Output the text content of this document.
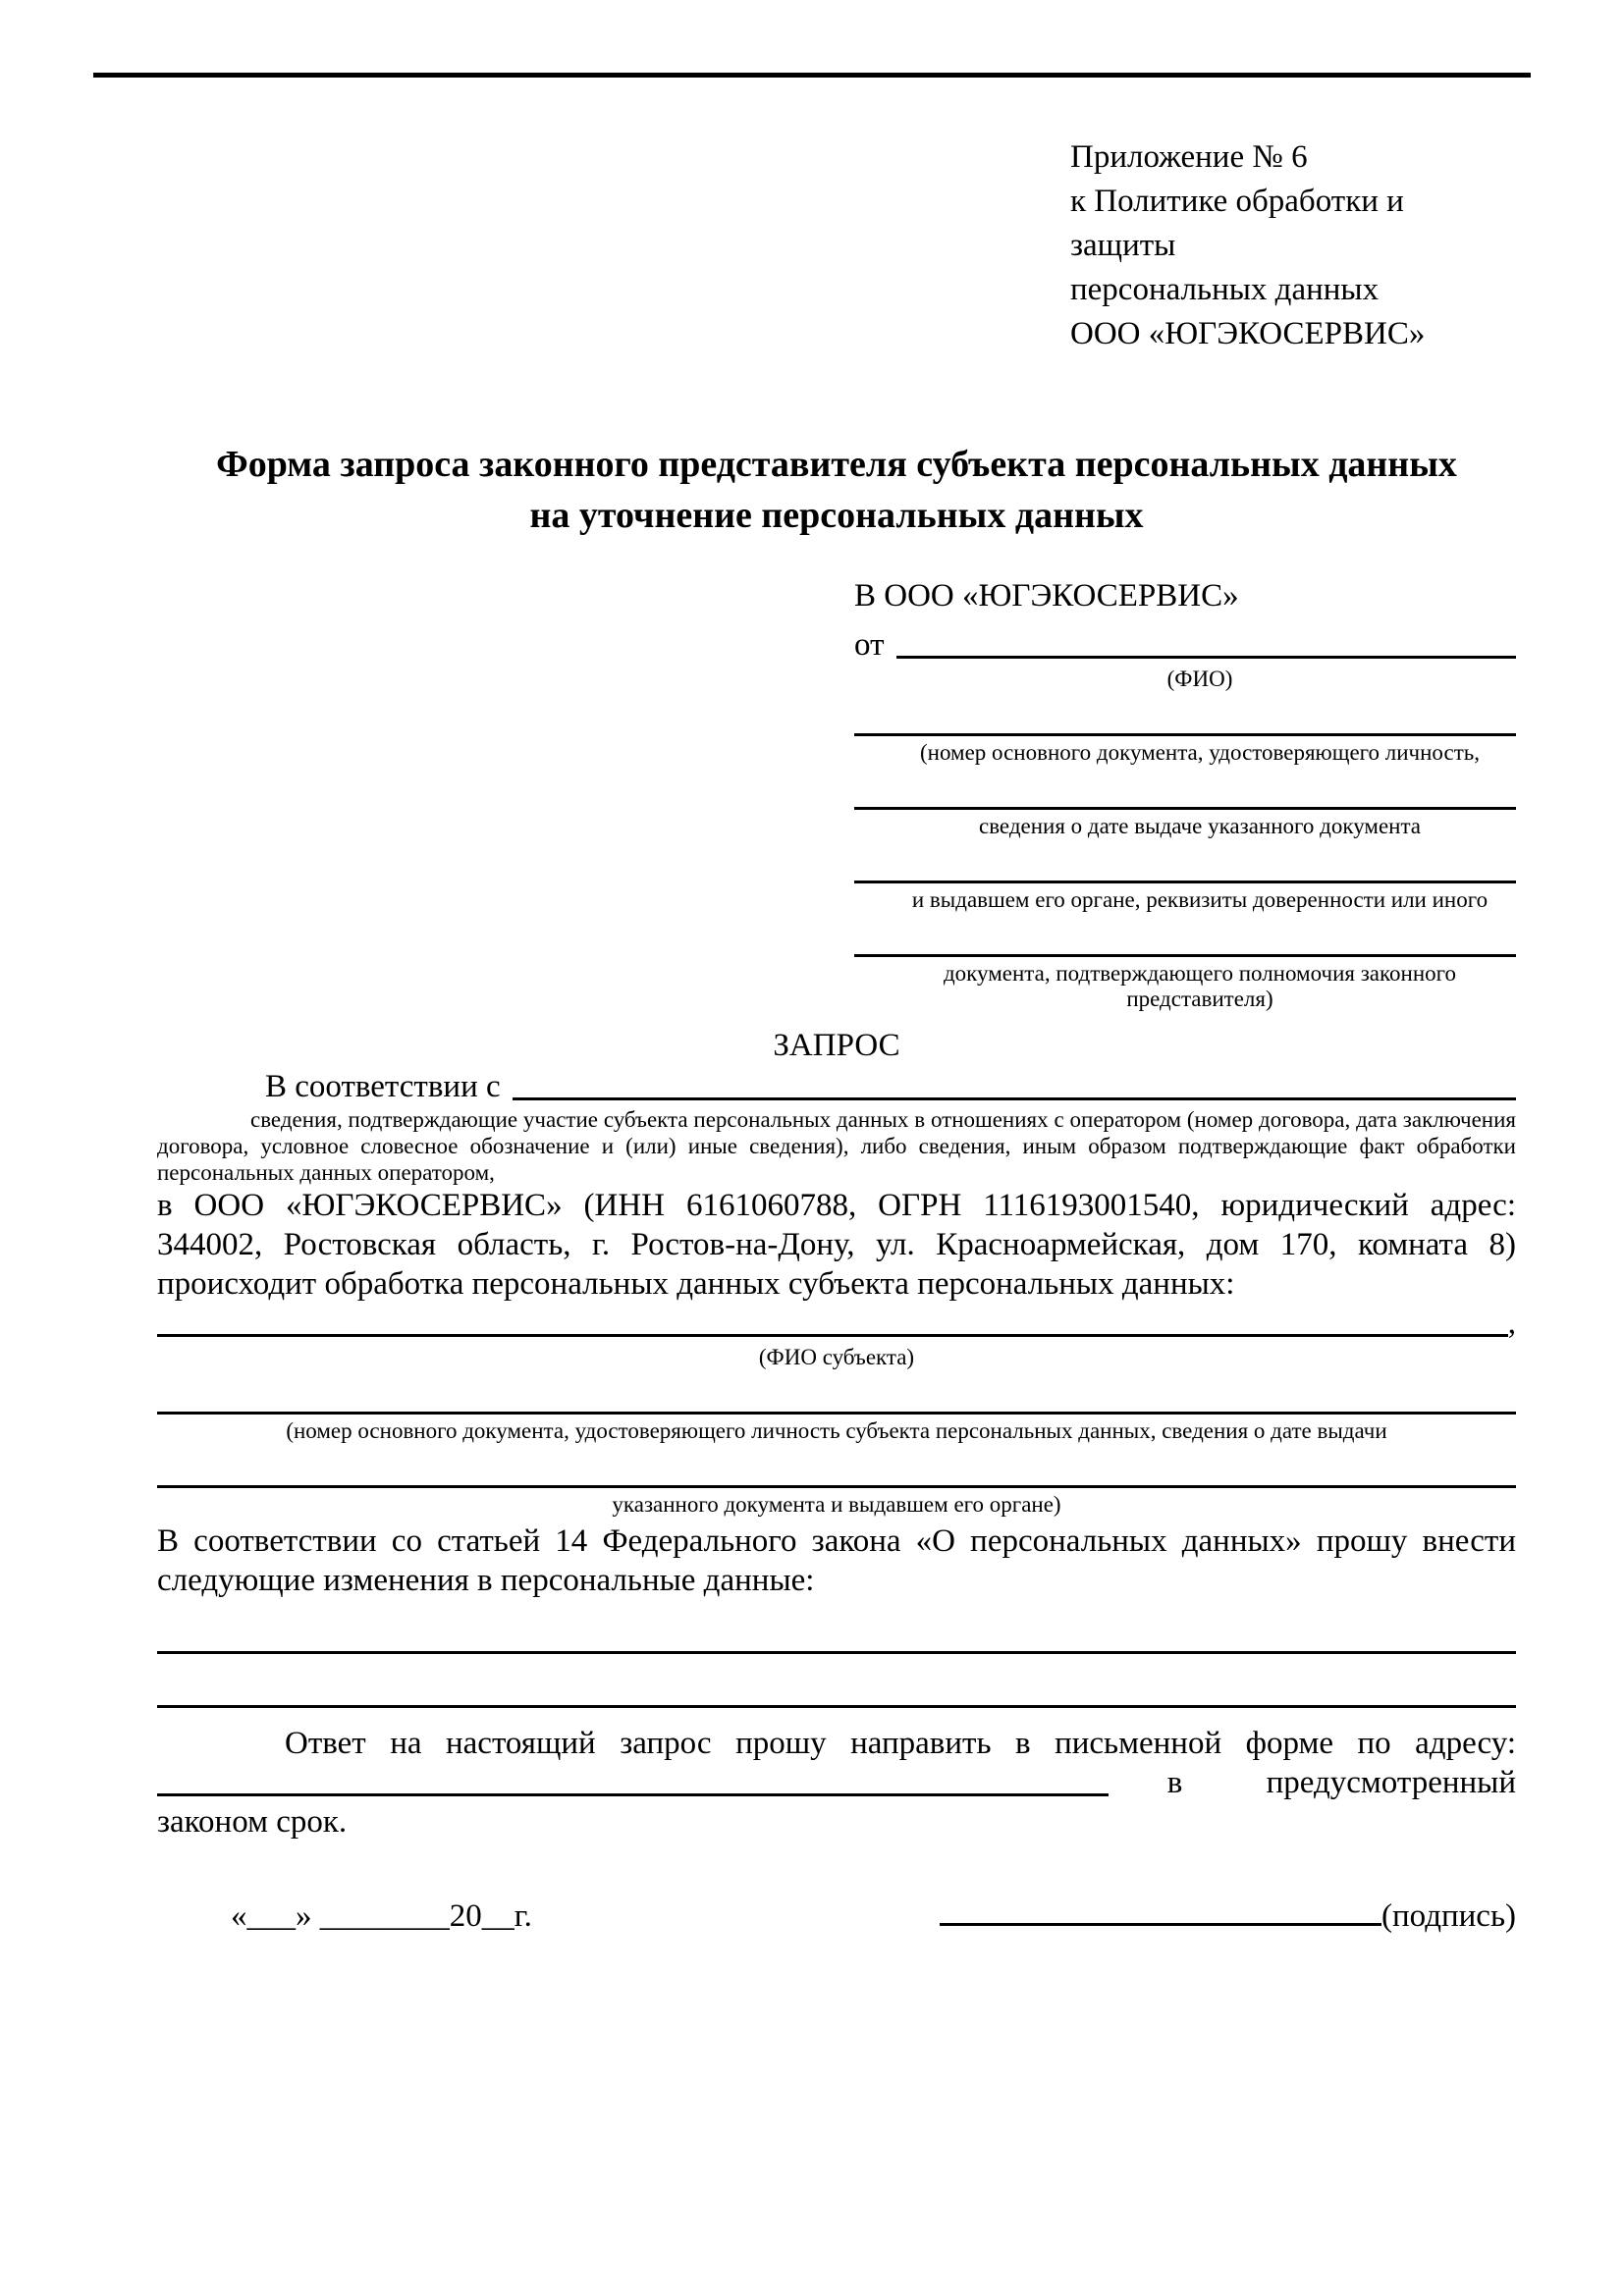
Приложение № 6
к Политике обработки и защиты
персональных данных
ООО «ЮГЭКОСЕРВИС»
Форма запроса законного представителя субъекта персональных данных
на уточнение персональных данных
В ООО «ЮГЭКОСЕРВИС»
от
(ФИО)
(номер основного документа, удостоверяющего личность,
сведения о дате выдаче указанного документа
и выдавшем его органе, реквизиты доверенности или иного
документа, подтверждающего полномочия законного представителя)
ЗАПРОС
В соответствии с
сведения, подтверждающие участие субъекта персональных данных в отношениях с оператором (номер договора, дата заключения договора, условное словесное обозначение и (или) иные сведения), либо сведения, иным образом подтверждающие факт обработки персональных данных оператором,
в ООО «ЮГЭКОСЕРВИС» (ИНН 6161060788, ОГРН 1116193001540, юридический адрес: 344002, Ростовская область, г. Ростов-на-Дону, ул. Красноармейская, дом 170, комната 8) происходит обработка персональных данных субъекта персональных данных:
,
(ФИО субъекта)
(номер основного документа, удостоверяющего личность субъекта персональных данных, сведения о дате выдачи
указанного документа и выдавшем его органе)
В соответствии со статьей 14 Федерального закона «О персональных данных» прошу внести следующие изменения в персональные данные:
Ответ на настоящий запрос прошу направить в письменной форме по адресу:
в	предусмотренный
законом срок.
«___» ________20__г.	(подпись)
